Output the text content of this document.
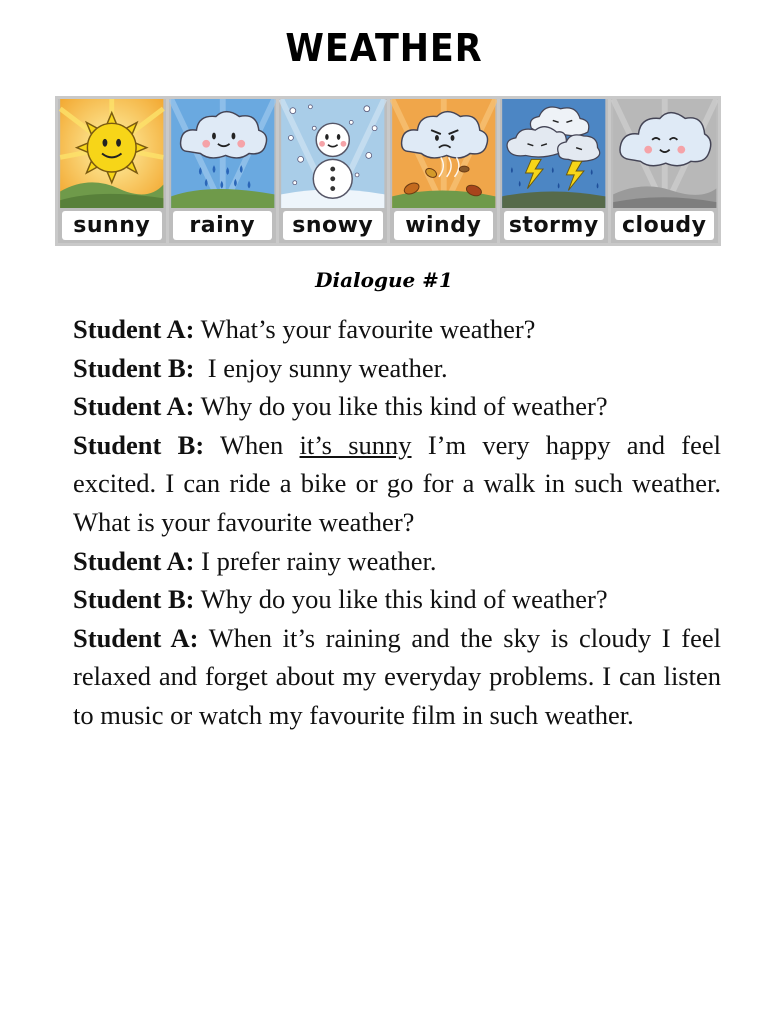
WEATHER
sunny	rainy	snowy	windy	stormy	cloudy
Dialogue #1

Student A: What’s your favourite weather?

Student B: I enjoy sunny weather.

Student A: Why do you like this kind of weather?

Student B: When it’s sunny I’m very happy and feel excited. I can ride a bike or go for a walk in such weather. What is your favourite weather?

Student A: I prefer rainy weather.

Student B: Why do you like this kind of weather?

Student A: When it’s raining and the sky is cloudy I feel relaxed and forget about my everyday problems. I can listen to music or watch my favourite film in such weather.
